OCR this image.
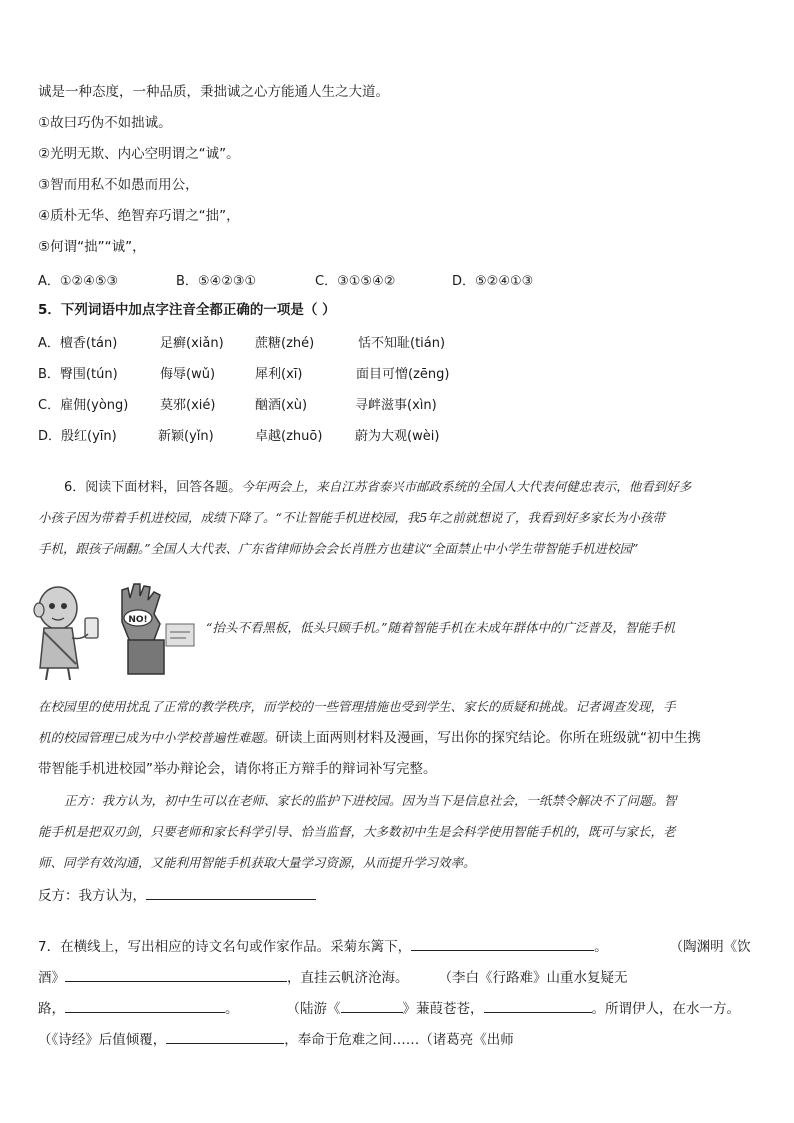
诚是一种态度，一种品质，秉拙诚之心方能通人生之大道。
①故曰巧伪不如拙诚。
②光明无欺、内心空明谓之“诚”。
③智而用私不如愚而用公，
④质朴无华、绝智弃巧谓之“拙”，
⑤何谓“拙”“诚”，
A．①②④⑤③	B．⑤④②③①	C．③①⑤④②	D．⑤②④①③
5．下列词语中加点字注音全都正确的一项是（ ）
A．檀香(tán)	足癣(xiǎn) 蔗糖(zhé)	恬不知耻(tián)
B．臀围(tún)	侮辱(wǔ)	犀利(xī)	面目可憎(zēng)
C．雇佣(yòng) 莫邪(xié)	酗酒(xù)	寻衅滋事(xìn)
D．殷红(yīn)	新颖(yǐn)	卓越(zhuō)	蔚为大观(wèi)
6．阅读下面材料，回答各题。今年两会上，来自江苏省泰兴市邮政系统的全国人大代表何健忠表示，他看到好多
小孩子因为带着手机进校园，成绩下降了。“不让智能手机进校园，我5年之前就想说了，我看到好多家长为小孩带
手机，跟孩子闹翻。”全国人大代表、广东省律师协会会长肖胜方也建议“全面禁止中小学生带智能手机进校园”
NO!	“抬头不看黑板，低头只顾手机。”随着智能手机在未成年群体中的广泛普及，智能手机
在校园里的使用扰乱了正常的教学秩序，而学校的一些管理措施也受到学生、家长的质疑和挑战。记者调查发现，手
机的校园管理已成为中小学校普遍性难题。研读上面两则材料及漫画，写出你的探究结论。你所在班级就“初中生携
带智能手机进校园”举办辩论会，请你将正方辩手的辩词补写完整。
正方：我方认为，初中生可以在老师、家长的监护下进校园。因为当下是信息社会，一纸禁令解决不了问题。智
能手机是把双刃剑，只要老师和家长科学引导、恰当监督，大多数初中生是会科学使用智能手机的，既可与家长，老
师、同学有效沟通，又能利用智能手机获取大量学习资源，从而提升学习效率。
反方：我方认为，
7．在横线上，写出相应的诗文名句或作家作品。采菊东篱下，	。	（陶渊明《饮
酒》	，直挂云帆济沧海。 （李白《行路难》山重水复疑无
路，	。	（陆游《	》蒹葭苍苍，	。所谓伊人，在水一方。
（《诗经》后值倾覆，	，奉命于危难之间……（诸葛亮《出师
